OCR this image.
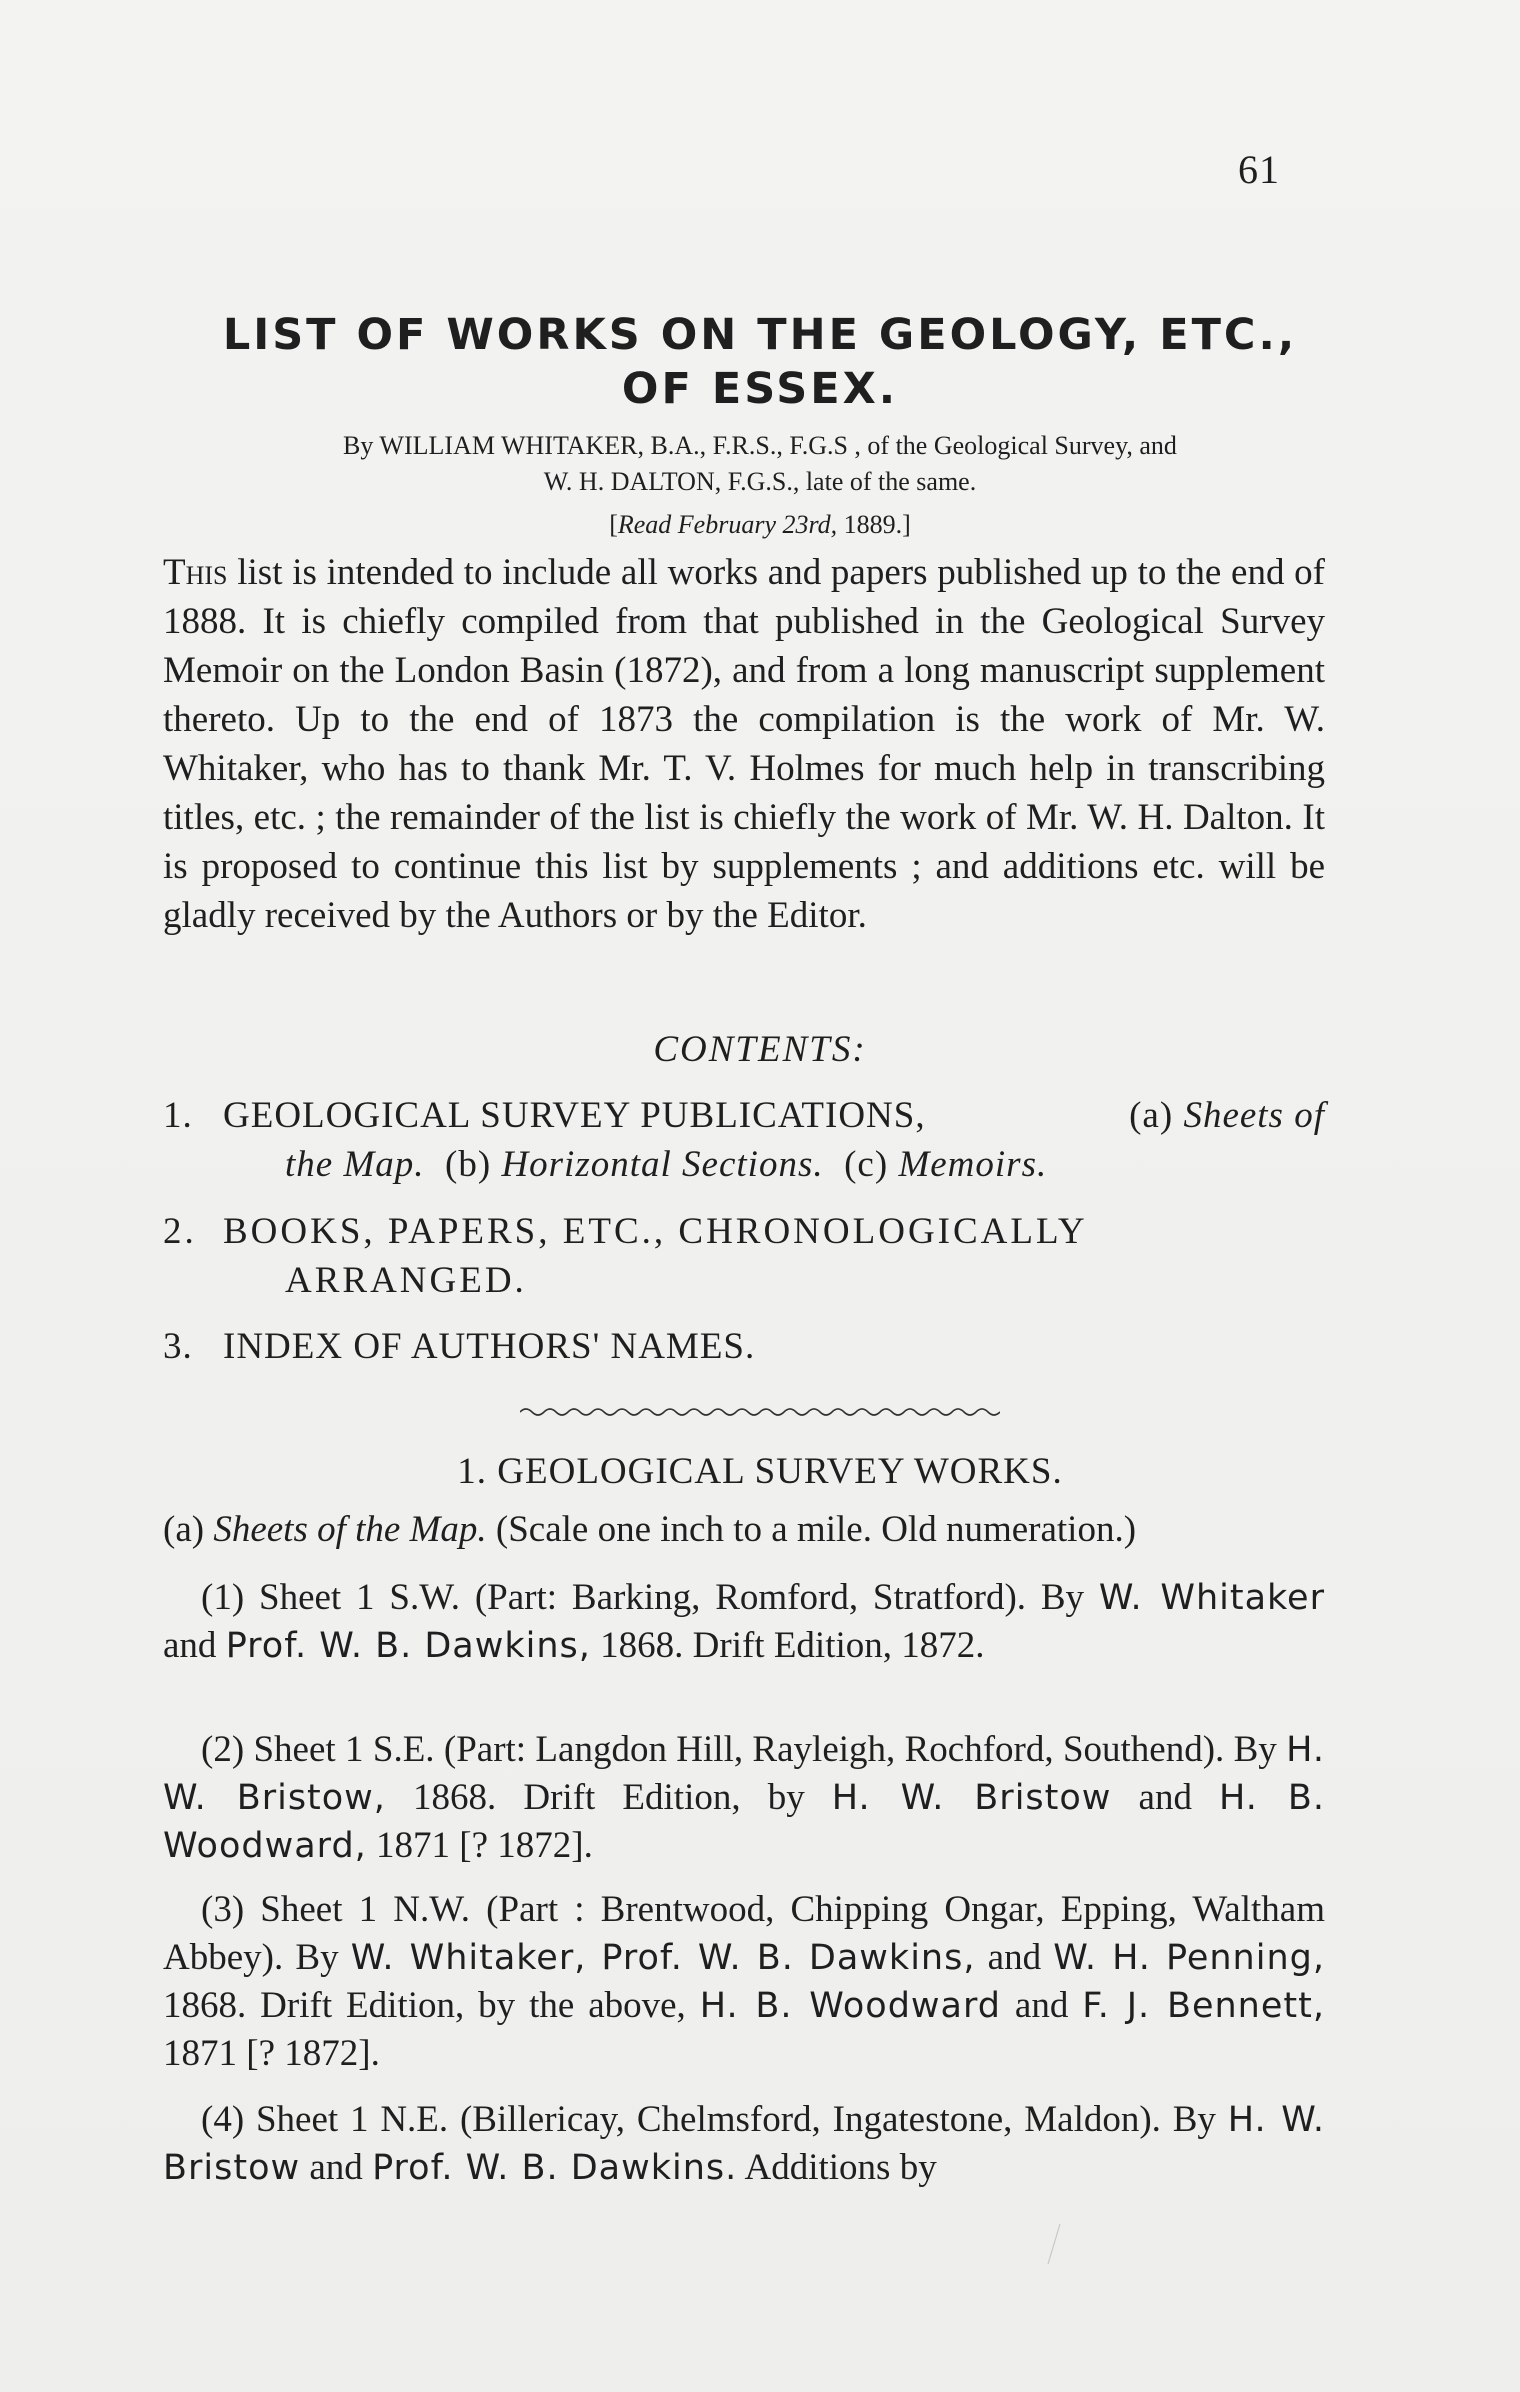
61
LIST OF WORKS ON THE GEOLOGY, ETC.,
OF ESSEX.
By WILLIAM WHITAKER, B.A., F.R.S., F.G.S , of the Geological Survey, and
W. H. DALTON, F.G.S., late of the same.
[Read February 23rd, 1889.]
This list is intended to include all works and papers published up to the end of 1888. It is chiefly compiled from that published in the Geological Survey Memoir on the London Basin (1872), and from a long manuscript supplement thereto. Up to the end of 1873 the compilation is the work of Mr. W. Whitaker, who has to thank Mr. T. V. Holmes for much help in transcribing titles, etc. ; the remainder of the list is chiefly the work of Mr. W. H. Dalton. It is proposed to continue this list by supplements ; and additions etc. will be gladly received by the Authors or by the Editor.
CONTENTS:
1. GEOLOGICAL SURVEY PUBLICATIONS,	(a) Sheets of
the Map. (b) Horizontal Sections. (c) Memoirs.
2. BOOKS, PAPERS, ETC., CHRONOLOGICALLY
ARRANGED.
3. INDEX OF AUTHORS' NAMES.
1. GEOLOGICAL SURVEY WORKS.
(a) Sheets of the Map. (Scale one inch to a mile. Old numeration.)
(1) Sheet 1 S.W. (Part: Barking, Romford, Stratford). By W. Whitaker and Prof. W. B. Dawkins, 1868. Drift Edition, 1872.
(2) Sheet 1 S.E. (Part: Langdon Hill, Rayleigh, Rochford, Southend). By H. W. Bristow, 1868. Drift Edition, by H. W. Bristow and H. B. Woodward, 1871 [? 1872].
(3) Sheet 1 N.W. (Part : Brentwood, Chipping Ongar, Epping, Waltham Abbey). By W. Whitaker, Prof. W. B. Dawkins, and W. H. Penning, 1868. Drift Edition, by the above, H. B. Woodward and F. J. Bennett, 1871 [? 1872].
(4) Sheet 1 N.E. (Billericay, Chelmsford, Ingatestone, Maldon). By H. W. Bristow and Prof. W. B. Dawkins. Additions by
